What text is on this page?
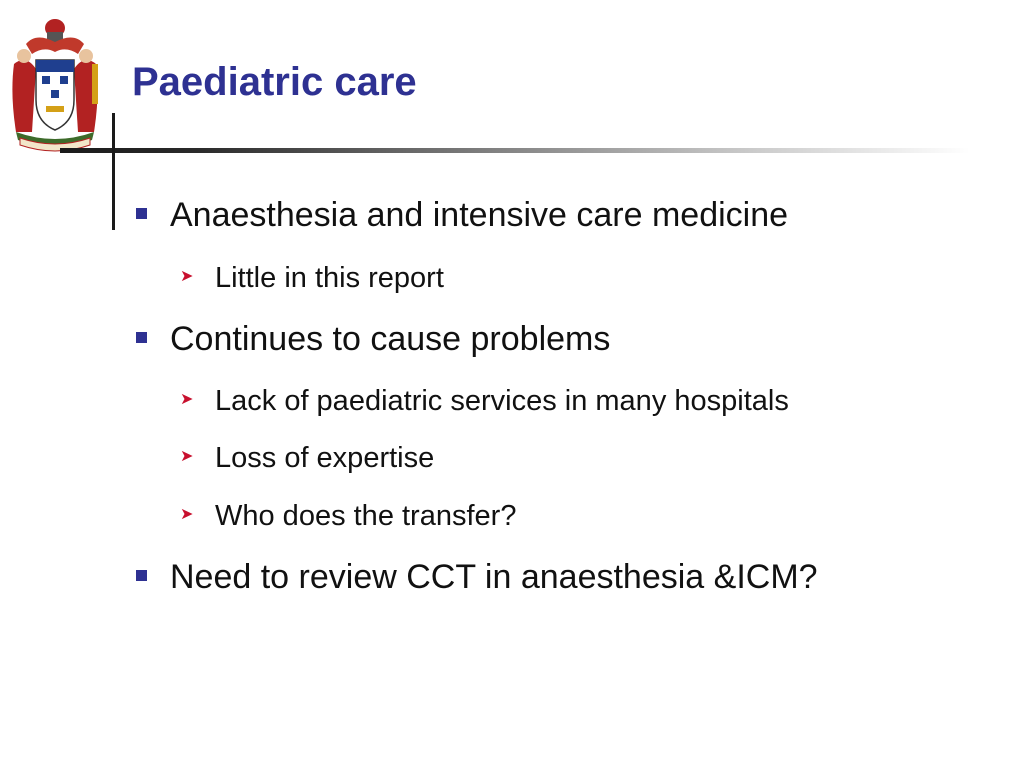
Paediatric care
Anaesthesia and intensive care medicine
➤ Little in this report
Continues to cause problems
➤ Lack of paediatric services in many hospitals
➤ Loss of expertise
➤ Who does the transfer?
Need to review CCT in anaesthesia &ICM?
